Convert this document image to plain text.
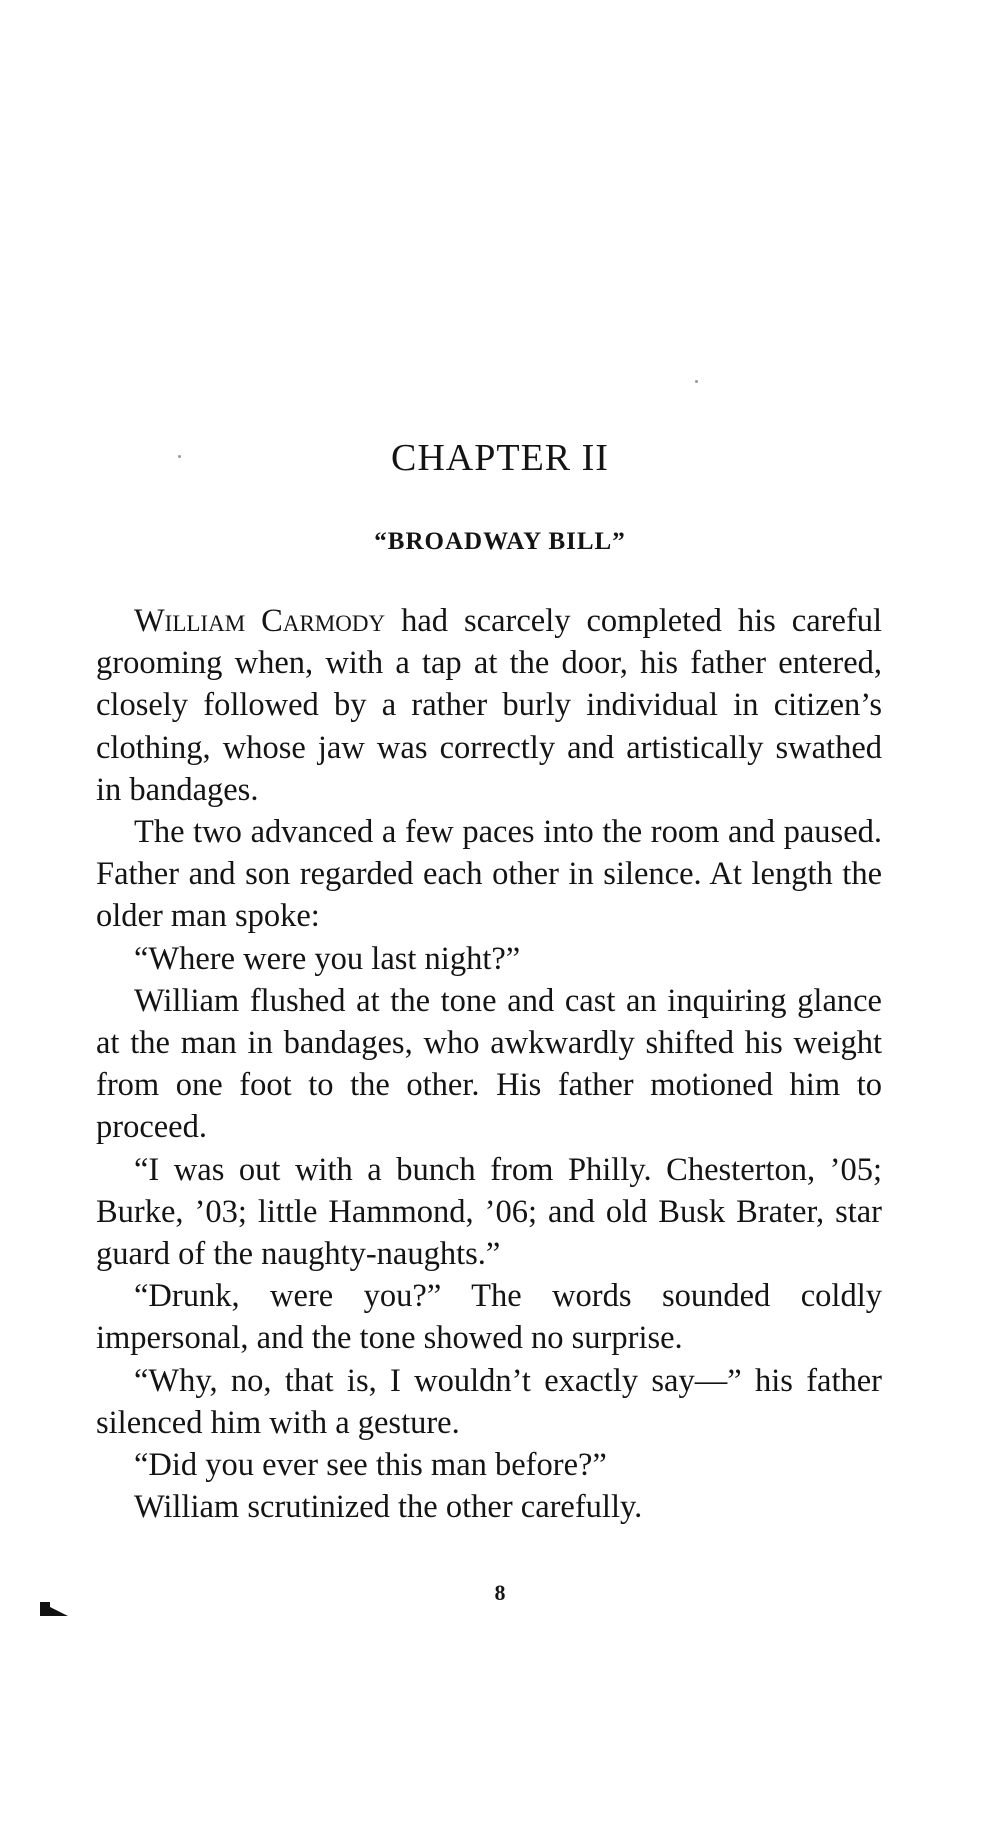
CHAPTER II
“BROADWAY BILL”

William Carmody had scarcely completed his careful grooming when, with a tap at the door, his father entered, closely followed by a rather burly individual in citizen’s clothing, whose jaw was correctly and artistically swathed in bandages.

The two advanced a few paces into the room and paused. Father and son regarded each other in silence. At length the older man spoke:

“Where were you last night?”

William flushed at the tone and cast an inquiring glance at the man in bandages, who awkwardly shifted his weight from one foot to the other. His father motioned him to proceed.

“I was out with a bunch from Philly. Chesterton, ’05; Burke, ’03; little Hammond, ’06; and old Busk Brater, star guard of the naughty-naughts.”

“Drunk, were you?” The words sounded coldly impersonal, and the tone showed no surprise.

“Why, no, that is, I wouldn’t exactly say—” his father silenced him with a gesture.

“Did you ever see this man before?”

William scrutinized the other carefully.

8
